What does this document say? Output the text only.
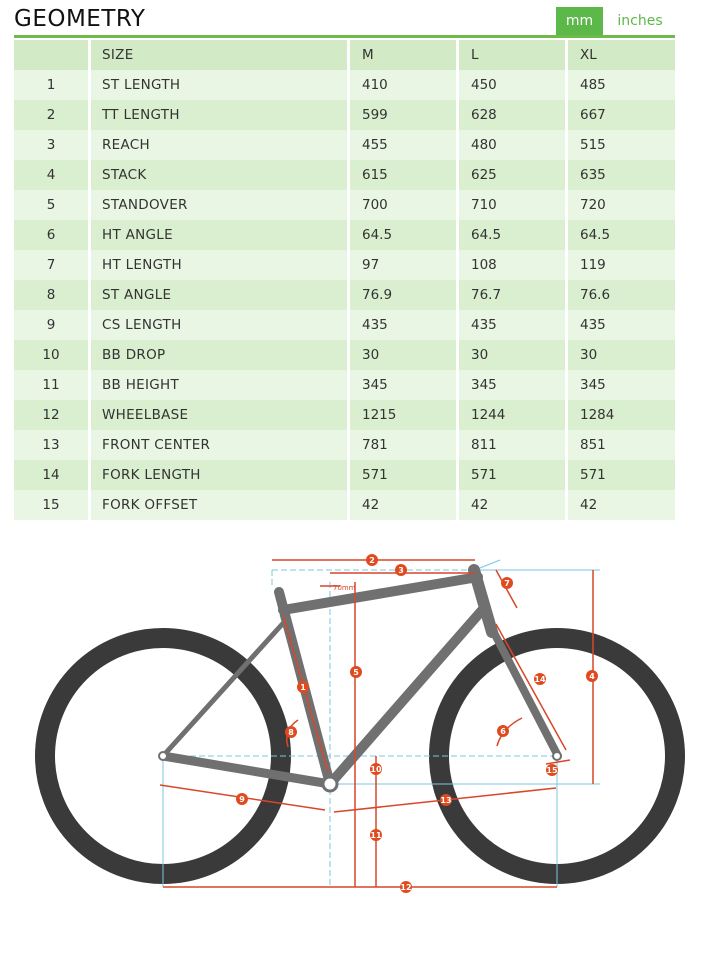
GEOMETRY	mm	inches
	SIZE	M	L	XL
1	ST LENGTH	410	450	485
2	TT LENGTH	599	628	667
3	REACH	455	480	515
4	STACK	615	625	635
5	STANDOVER	700	710	720
6	HT ANGLE	64.5	64.5	64.5
7	HT LENGTH	97	108	119
8	ST ANGLE	76.9	76.7	76.6
9	CS LENGTH	435	435	435
10	BB DROP	30	30	30
11	BB HEIGHT	345	345	345
12	WHEELBASE	1215	1244	1284
13	FRONT CENTER	781	811	851
14	FORK LENGTH	571	571	571
15	FORK OFFSET	42	42	42
70mm
1
2
3
4
5
6
7
8
9
10
11
12
13
14
15
